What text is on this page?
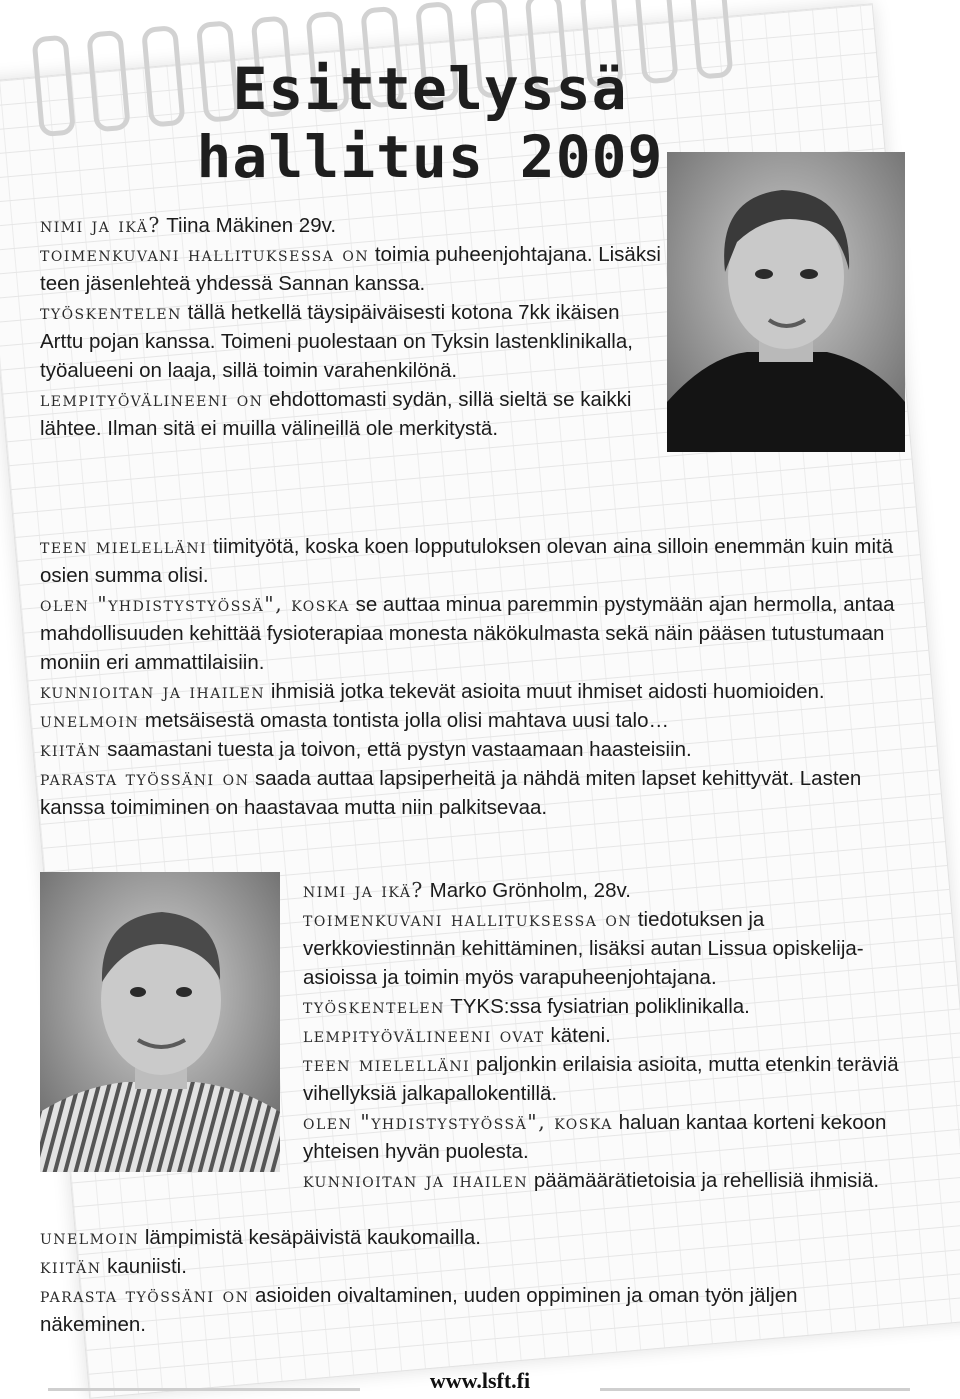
Esittelyssä hallitus 2009

nimi ja ikä? Tiina Mäkinen 29v.

toimenkuvani hallituksessa on toimia puheenjohtajana. Lisäksi teen jäsenlehteä yhdessä Sannan kanssa.

työskentelen tällä hetkellä täysipäiväisesti kotona 7kk ikäisen Arttu pojan kanssa. Toimeni puolestaan on Tyksin lastenklinikalla, työalueeni on laaja, sillä toimin varahenkilönä.

lempityövälineeni on ehdottomasti sydän, sillä sieltä se kaikki lähtee. Ilman sitä ei muilla välineillä ole merkitystä.

teen mielelläni tiimityötä, koska koen lopputuloksen olevan aina silloin enemmän kuin mitä osien summa olisi.

olen "yhdistystyössä", koska se auttaa minua paremmin pystymään ajan hermolla, antaa mahdollisuuden kehittää fysioterapiaa monesta näkökulmasta sekä näin pääsen tutustumaan moniin eri ammattilaisiin.

kunnioitan ja ihailen ihmisiä jotka tekevät asioita muut ihmiset aidosti huomioiden.

unelmoin metsäisestä omasta tontista jolla olisi mahtava uusi talo…

kiitän saamastani tuesta ja toivon, että pystyn vastaamaan haasteisiin.

parasta työssäni on saada auttaa lapsiperheitä ja nähdä miten lapset kehittyvät. Lasten kanssa toimiminen on haastavaa mutta niin palkitsevaa.

nimi ja ikä? Marko Grönholm, 28v.

toimenkuvani hallituksessa on tiedotuksen ja verkkoviestinnän kehittäminen, lisäksi autan Lissua opiskelija-asioissa ja toimin myös varapuheenjohtajana.

työskentelen TYKS:ssa fysiatrian poliklinikalla.

lempityövälineeni ovat käteni.

teen mielelläni paljonkin erilaisia asioita, mutta etenkin teräviä vihellyksiä jalkapallokentillä.

olen "yhdistystyössä", koska haluan kantaa korteni kekoon yhteisen hyvän puolesta.

kunnioitan ja ihailen päämäärätietoisia ja rehellisiä ihmisiä.

unelmoin lämpimistä kesäpäivistä kaukomailla.

kiitän kauniisti.

parasta työssäni on asioiden oivaltaminen, uuden oppiminen ja oman työn jäljen näkeminen.

www.lsft.fi
